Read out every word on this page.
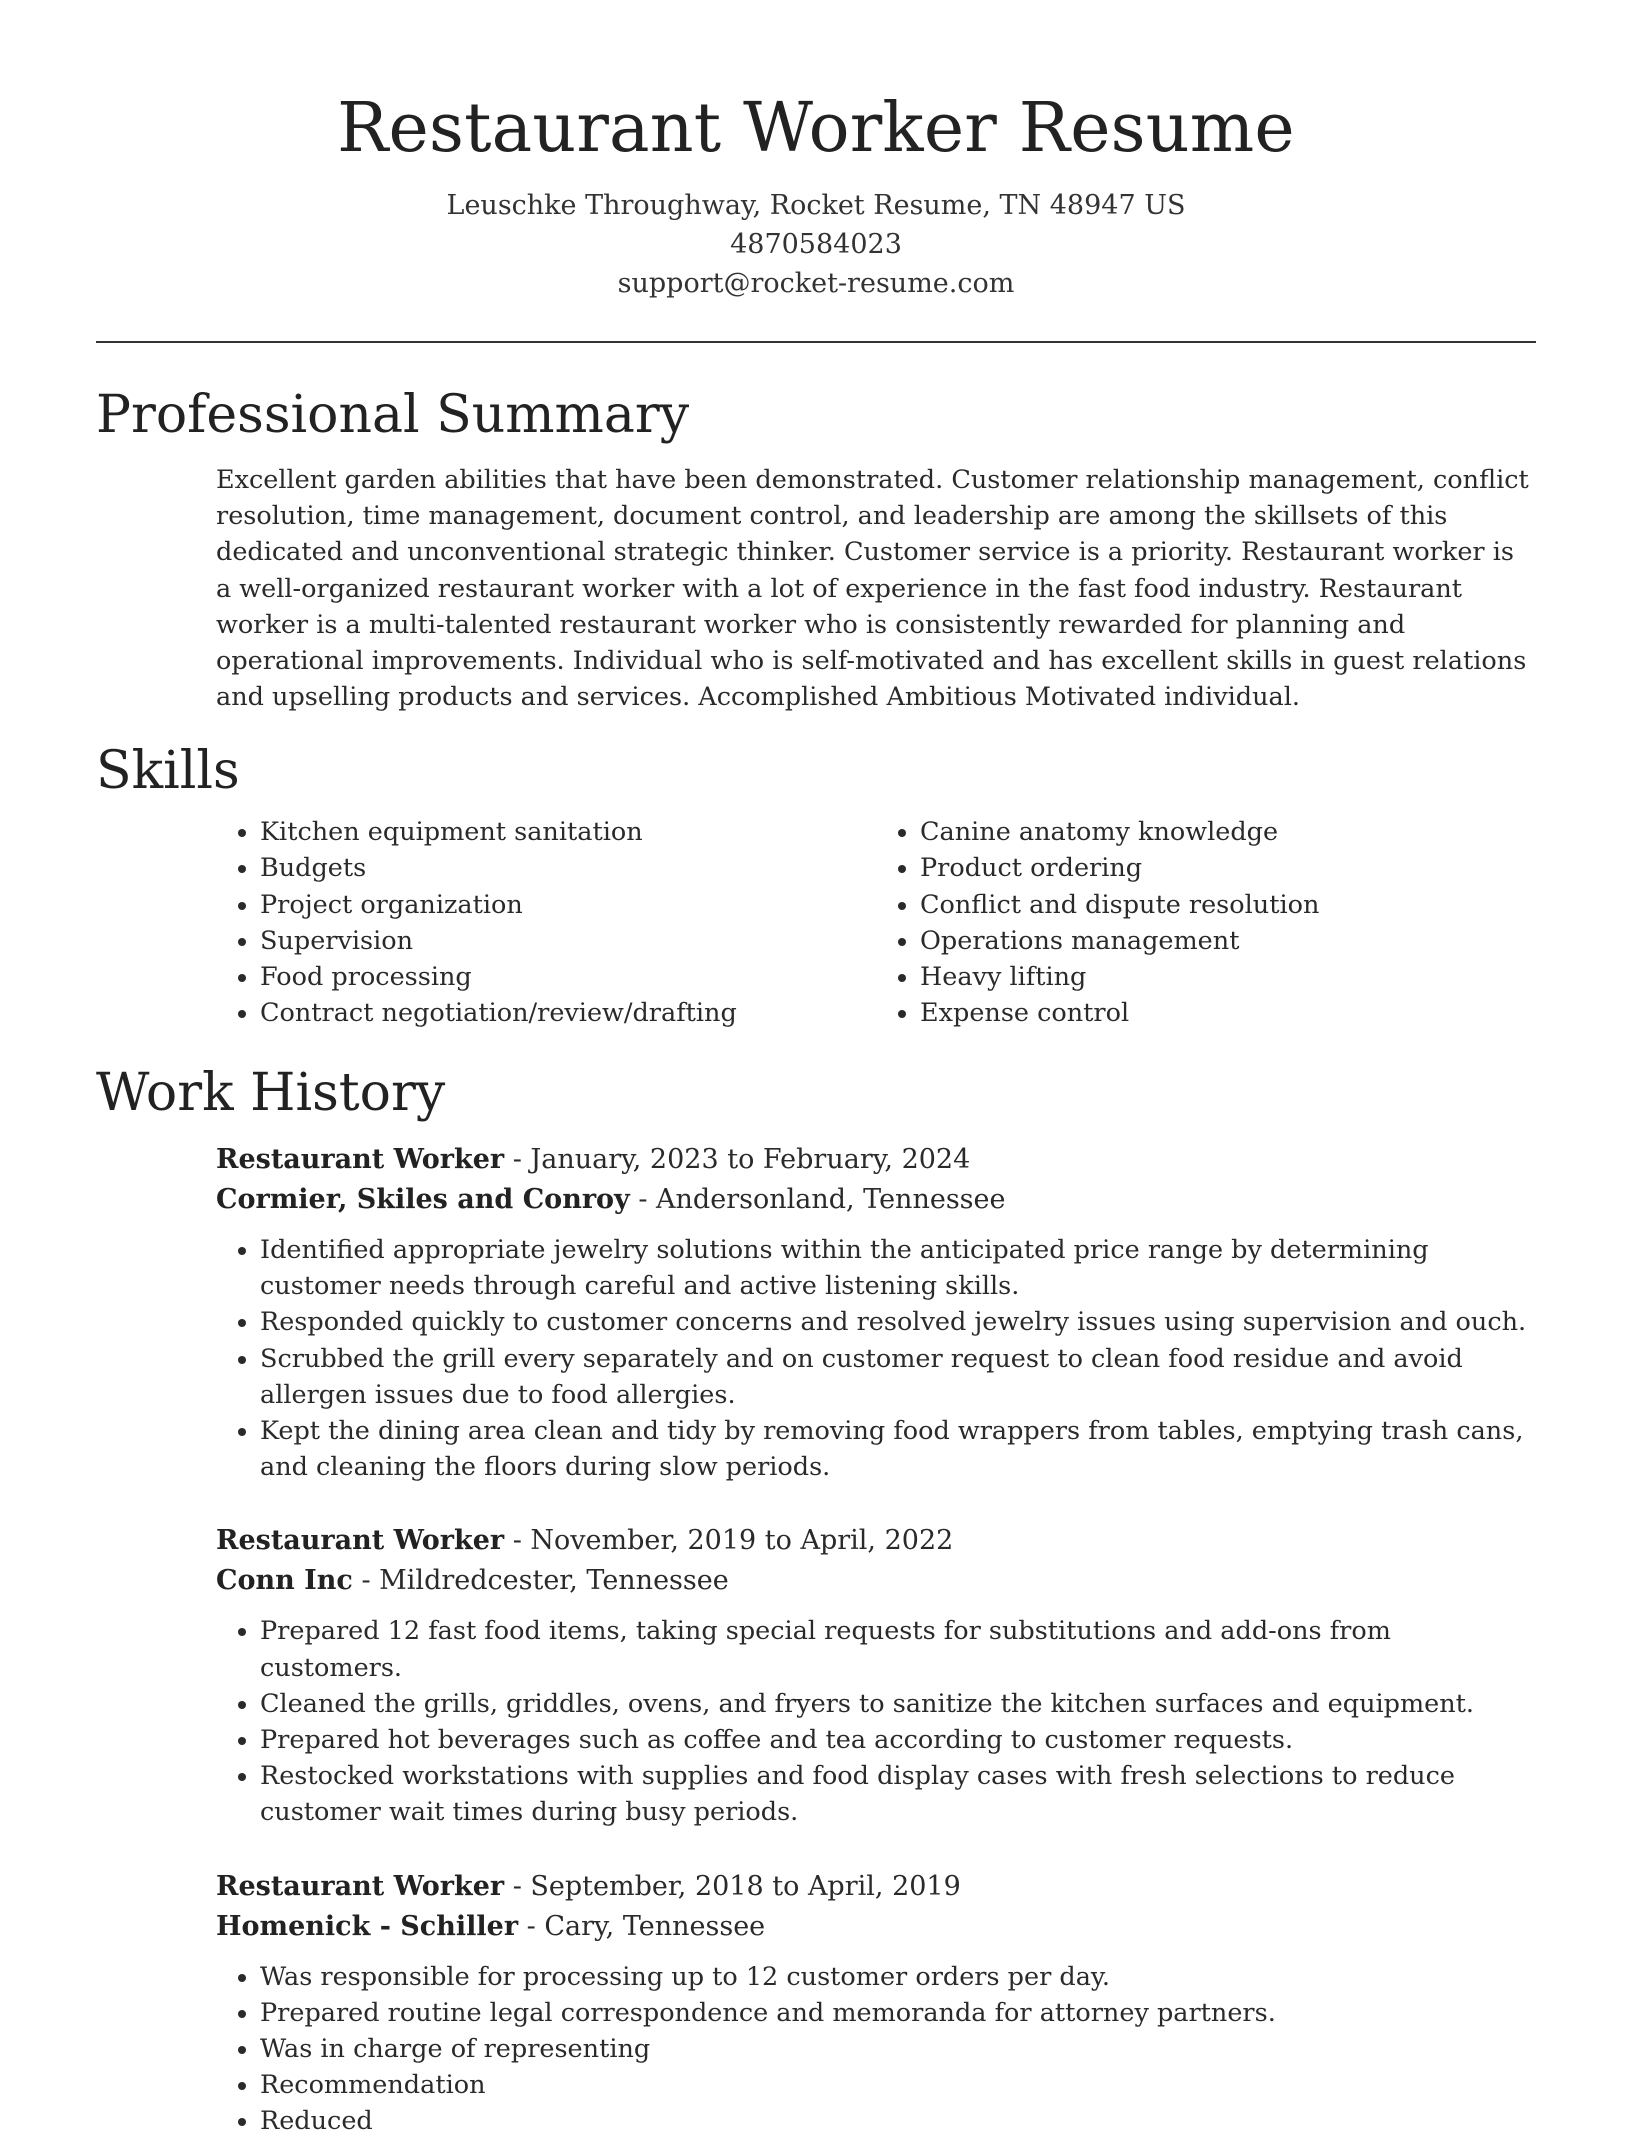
Restaurant Worker Resume

Leuschke Throughway, Rocket Resume, TN 48947 US

4870584023

support@rocket-resume.com

Professional Summary

Excellent garden abilities that have been demonstrated. Customer relationship management, conflict resolution, time management, document control, and leadership are among the skillsets of this dedicated and unconventional strategic thinker. Customer service is a priority. Restaurant worker is a well-organized restaurant worker with a lot of experience in the fast food industry. Restaurant worker is a multi-talented restaurant worker who is consistently rewarded for planning and operational improvements. Individual who is self-motivated and has excellent skills in guest relations and upselling products and services. Accomplished Ambitious Motivated individual.

Skills
• Kitchen equipment sanitation
• Budgets
• Project organization
• Supervision
• Food processing
• Contract negotiation/review/drafting
• Canine anatomy knowledge
• Product ordering
• Conflict and dispute resolution
• Operations management
• Heavy lifting
• Expense control
Work History

Restaurant Worker - January, 2023 to February, 2024

Cormier, Skiles and Conroy - Andersonland, Tennessee

• Identified appropriate jewelry solutions within the anticipated price range by determining customer needs through careful and active listening skills.
• Responded quickly to customer concerns and resolved jewelry issues using supervision and ouch.
• Scrubbed the grill every separately and on customer request to clean food residue and avoid allergen issues due to food allergies.
• Kept the dining area clean and tidy by removing food wrappers from tables, emptying trash cans, and cleaning the floors during slow periods.

Restaurant Worker - November, 2019 to April, 2022

Conn Inc - Mildredcester, Tennessee

• Prepared 12 fast food items, taking special requests for substitutions and add-ons from customers.
• Cleaned the grills, griddles, ovens, and fryers to sanitize the kitchen surfaces and equipment.
• Prepared hot beverages such as coffee and tea according to customer requests.
• Restocked workstations with supplies and food display cases with fresh selections to reduce customer wait times during busy periods.

Restaurant Worker - September, 2018 to April, 2019

Homenick - Schiller - Cary, Tennessee

• Was responsible for processing up to 12 customer orders per day.
• Prepared routine legal correspondence and memoranda for attorney partners.
• Was in charge of representing
• Recommendation
• Reduced
